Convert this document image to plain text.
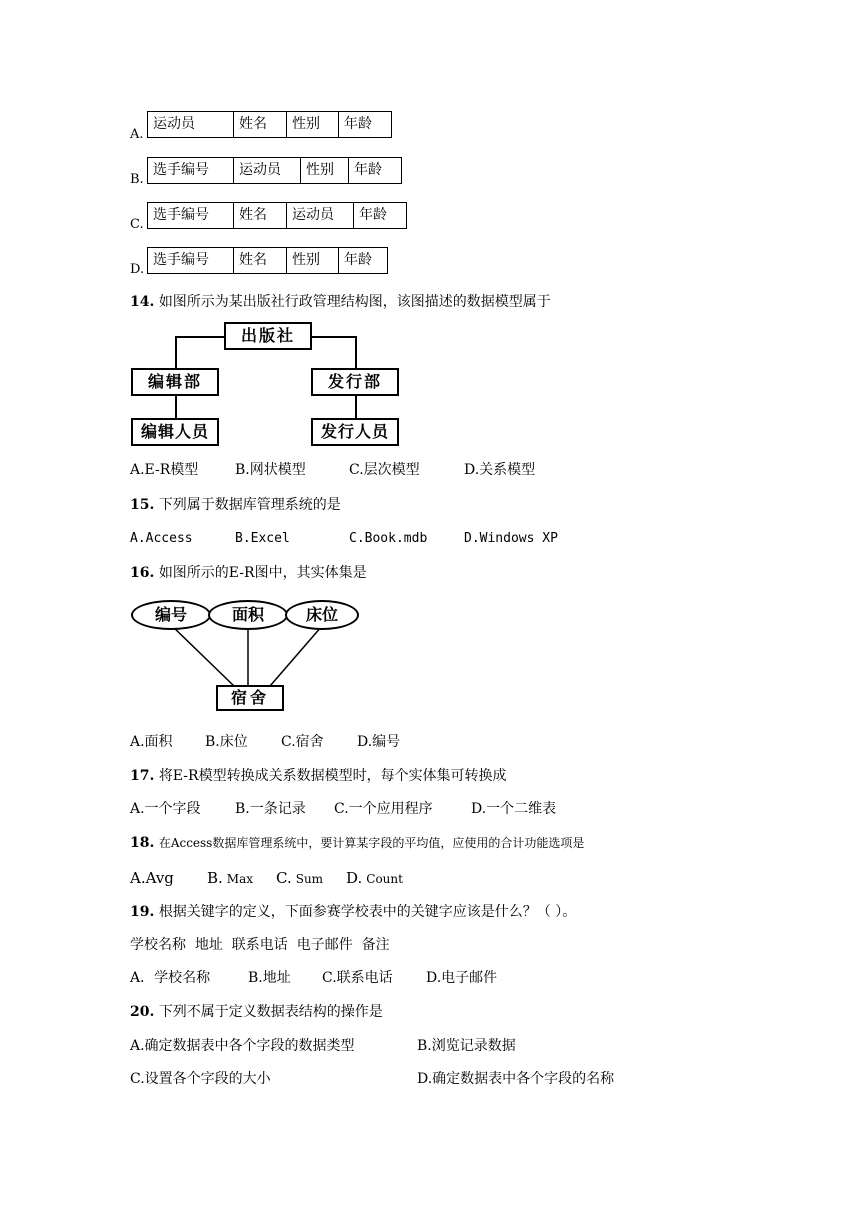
A.
运动员	姓名	性别	年龄
B.
选手编号	运动员	性别	年龄
C.
选手编号	姓名	运动员	年龄
D.
选手编号	姓名	性别	年龄
14. 如图所示为某出版社行政管理结构图，该图描述的数据模型属于
出版社
编辑部	发行部
编辑人员	发行人员
A.E-R模型	B.网状模型	C.层次模型	D.关系模型
15. 下列属于数据库管理系统的是
A.Access	B.Excel	C.Book.mdb	D.Windows XP
16. 如图所示的E-R图中，其实体集是
编号	面积	床位
宿舍
A.面积 B.床位 C.宿舍 D.编号
17. 将E-R模型转换成关系数据模型时，每个实体集可转换成
A.一个字段 B.一条记录 C.一个应用程序	D.一个二维表
18. 在Access数据库管理系统中，要计算某字段的平均值，应使用的合计功能选项是
A.Avg B. Max C. Sum D. Count
19. 根据关键字的定义，下面参赛学校表中的关键字应该是什么？（ ）。
学校名称  地址  联系电话  电子邮件  备注
A．学校名称	B.地址 C.联系电话 D.电子邮件
20. 下列不属于定义数据表结构的操作是
A.确定数据表中各个字段的数据类型	B.浏览记录数据
C.设置各个字段的大小	D.确定数据表中各个字段的名称
